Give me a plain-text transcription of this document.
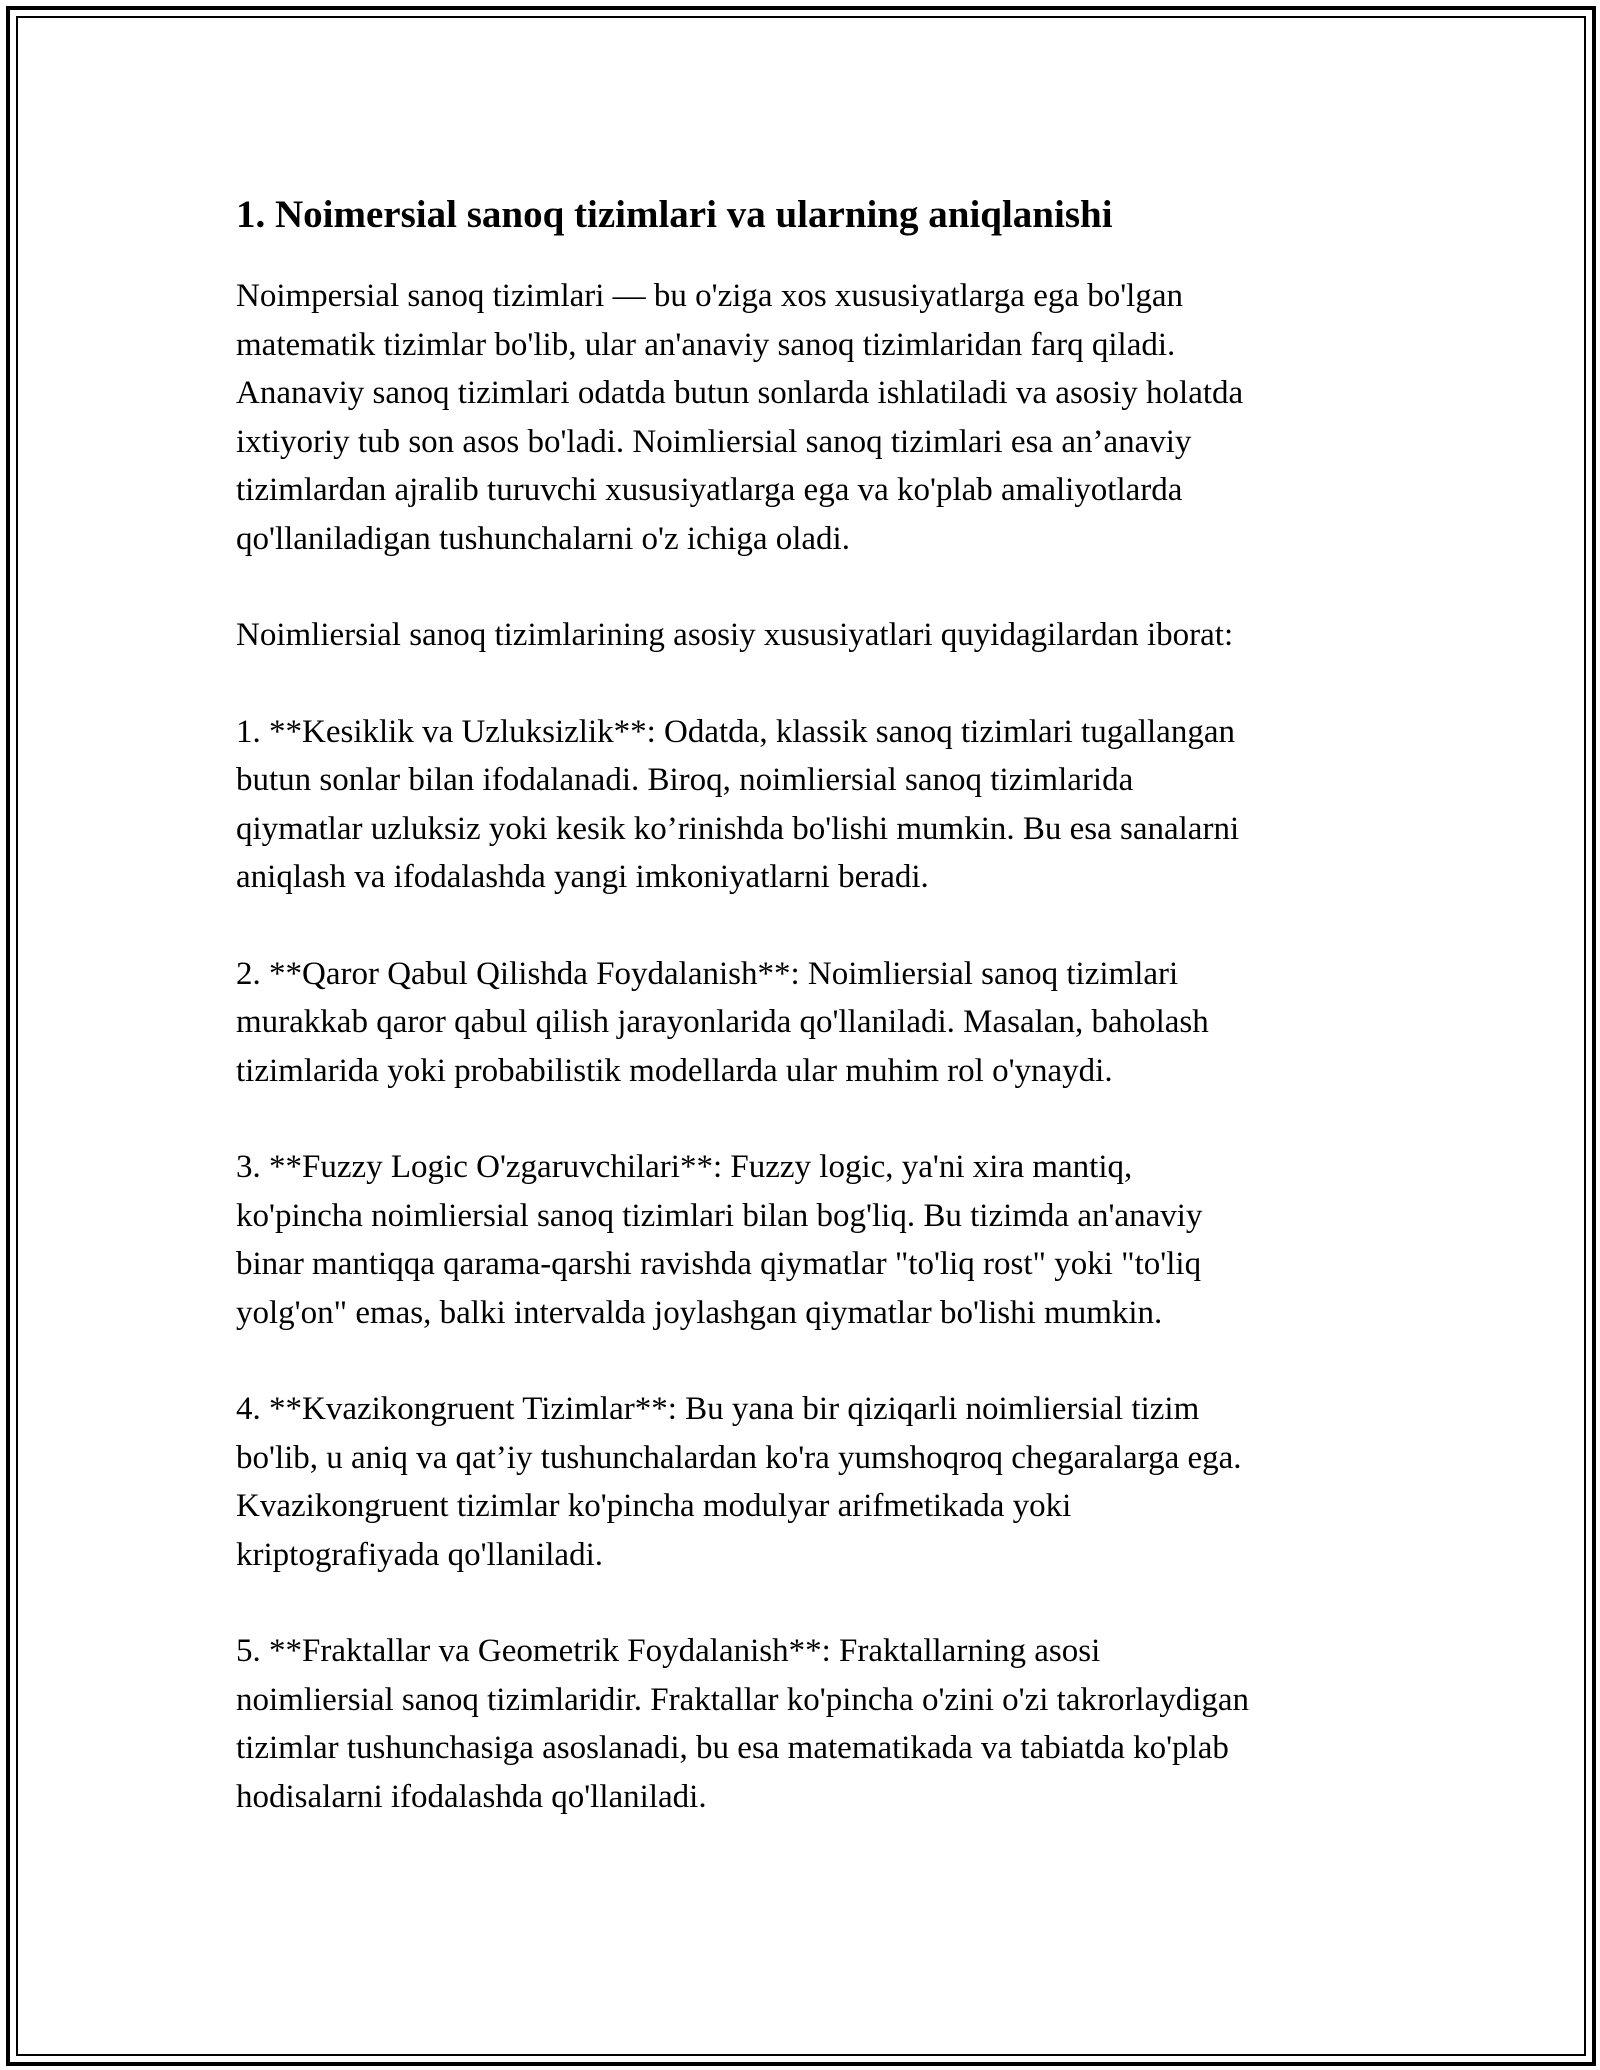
1. Noimersial sanoq tizimlari va ularning aniqlanishi

Noimpersial sanoq tizimlari — bu o'ziga xos xususiyatlarga ega bo'lgan
matematik tizimlar bo'lib, ular an'anaviy sanoq tizimlaridan farq qiladi.
Ananaviy sanoq tizimlari odatda butun sonlarda ishlatiladi va asosiy holatda
ixtiyoriy tub son asos bo'ladi. Noimliersial sanoq tizimlari esa an’anaviy
tizimlardan ajralib turuvchi xususiyatlarga ega va ko'plab amaliyotlarda
qo'llaniladigan tushunchalarni o'z ichiga oladi.

Noimliersial sanoq tizimlarining asosiy xususiyatlari quyidagilardan iborat:

1. **Kesiklik va Uzluksizlik**: Odatda, klassik sanoq tizimlari tugallangan
butun sonlar bilan ifodalanadi. Biroq, noimliersial sanoq tizimlarida
qiymatlar uzluksiz yoki kesik ko’rinishda bo'lishi mumkin. Bu esa sanalarni
aniqlash va ifodalashda yangi imkoniyatlarni beradi.

2. **Qaror Qabul Qilishda Foydalanish**: Noimliersial sanoq tizimlari
murakkab qaror qabul qilish jarayonlarida qo'llaniladi. Masalan, baholash
tizimlarida yoki probabilistik modellarda ular muhim rol o'ynaydi.

3. **Fuzzy Logic O'zgaruvchilari**: Fuzzy logic, ya'ni xira mantiq,
ko'pincha noimliersial sanoq tizimlari bilan bog'liq. Bu tizimda an'anaviy
binar mantiqqa qarama-qarshi ravishda qiymatlar "to'liq rost" yoki "to'liq
yolg'on" emas, balki intervalda joylashgan qiymatlar bo'lishi mumkin.

4. **Kvazikongruent Tizimlar**: Bu yana bir qiziqarli noimliersial tizim
bo'lib, u aniq va qat’iy tushunchalardan ko'ra yumshoqroq chegaralarga ega.
Kvazikongruent tizimlar ko'pincha modulyar arifmetikada yoki
kriptografiyada qo'llaniladi.

5. **Fraktallar va Geometrik Foydalanish**: Fraktallarning asosi
noimliersial sanoq tizimlaridir. Fraktallar ko'pincha o'zini o'zi takrorlaydigan
tizimlar tushunchasiga asoslanadi, bu esa matematikada va tabiatda ko'plab
hodisalarni ifodalashda qo'llaniladi.
